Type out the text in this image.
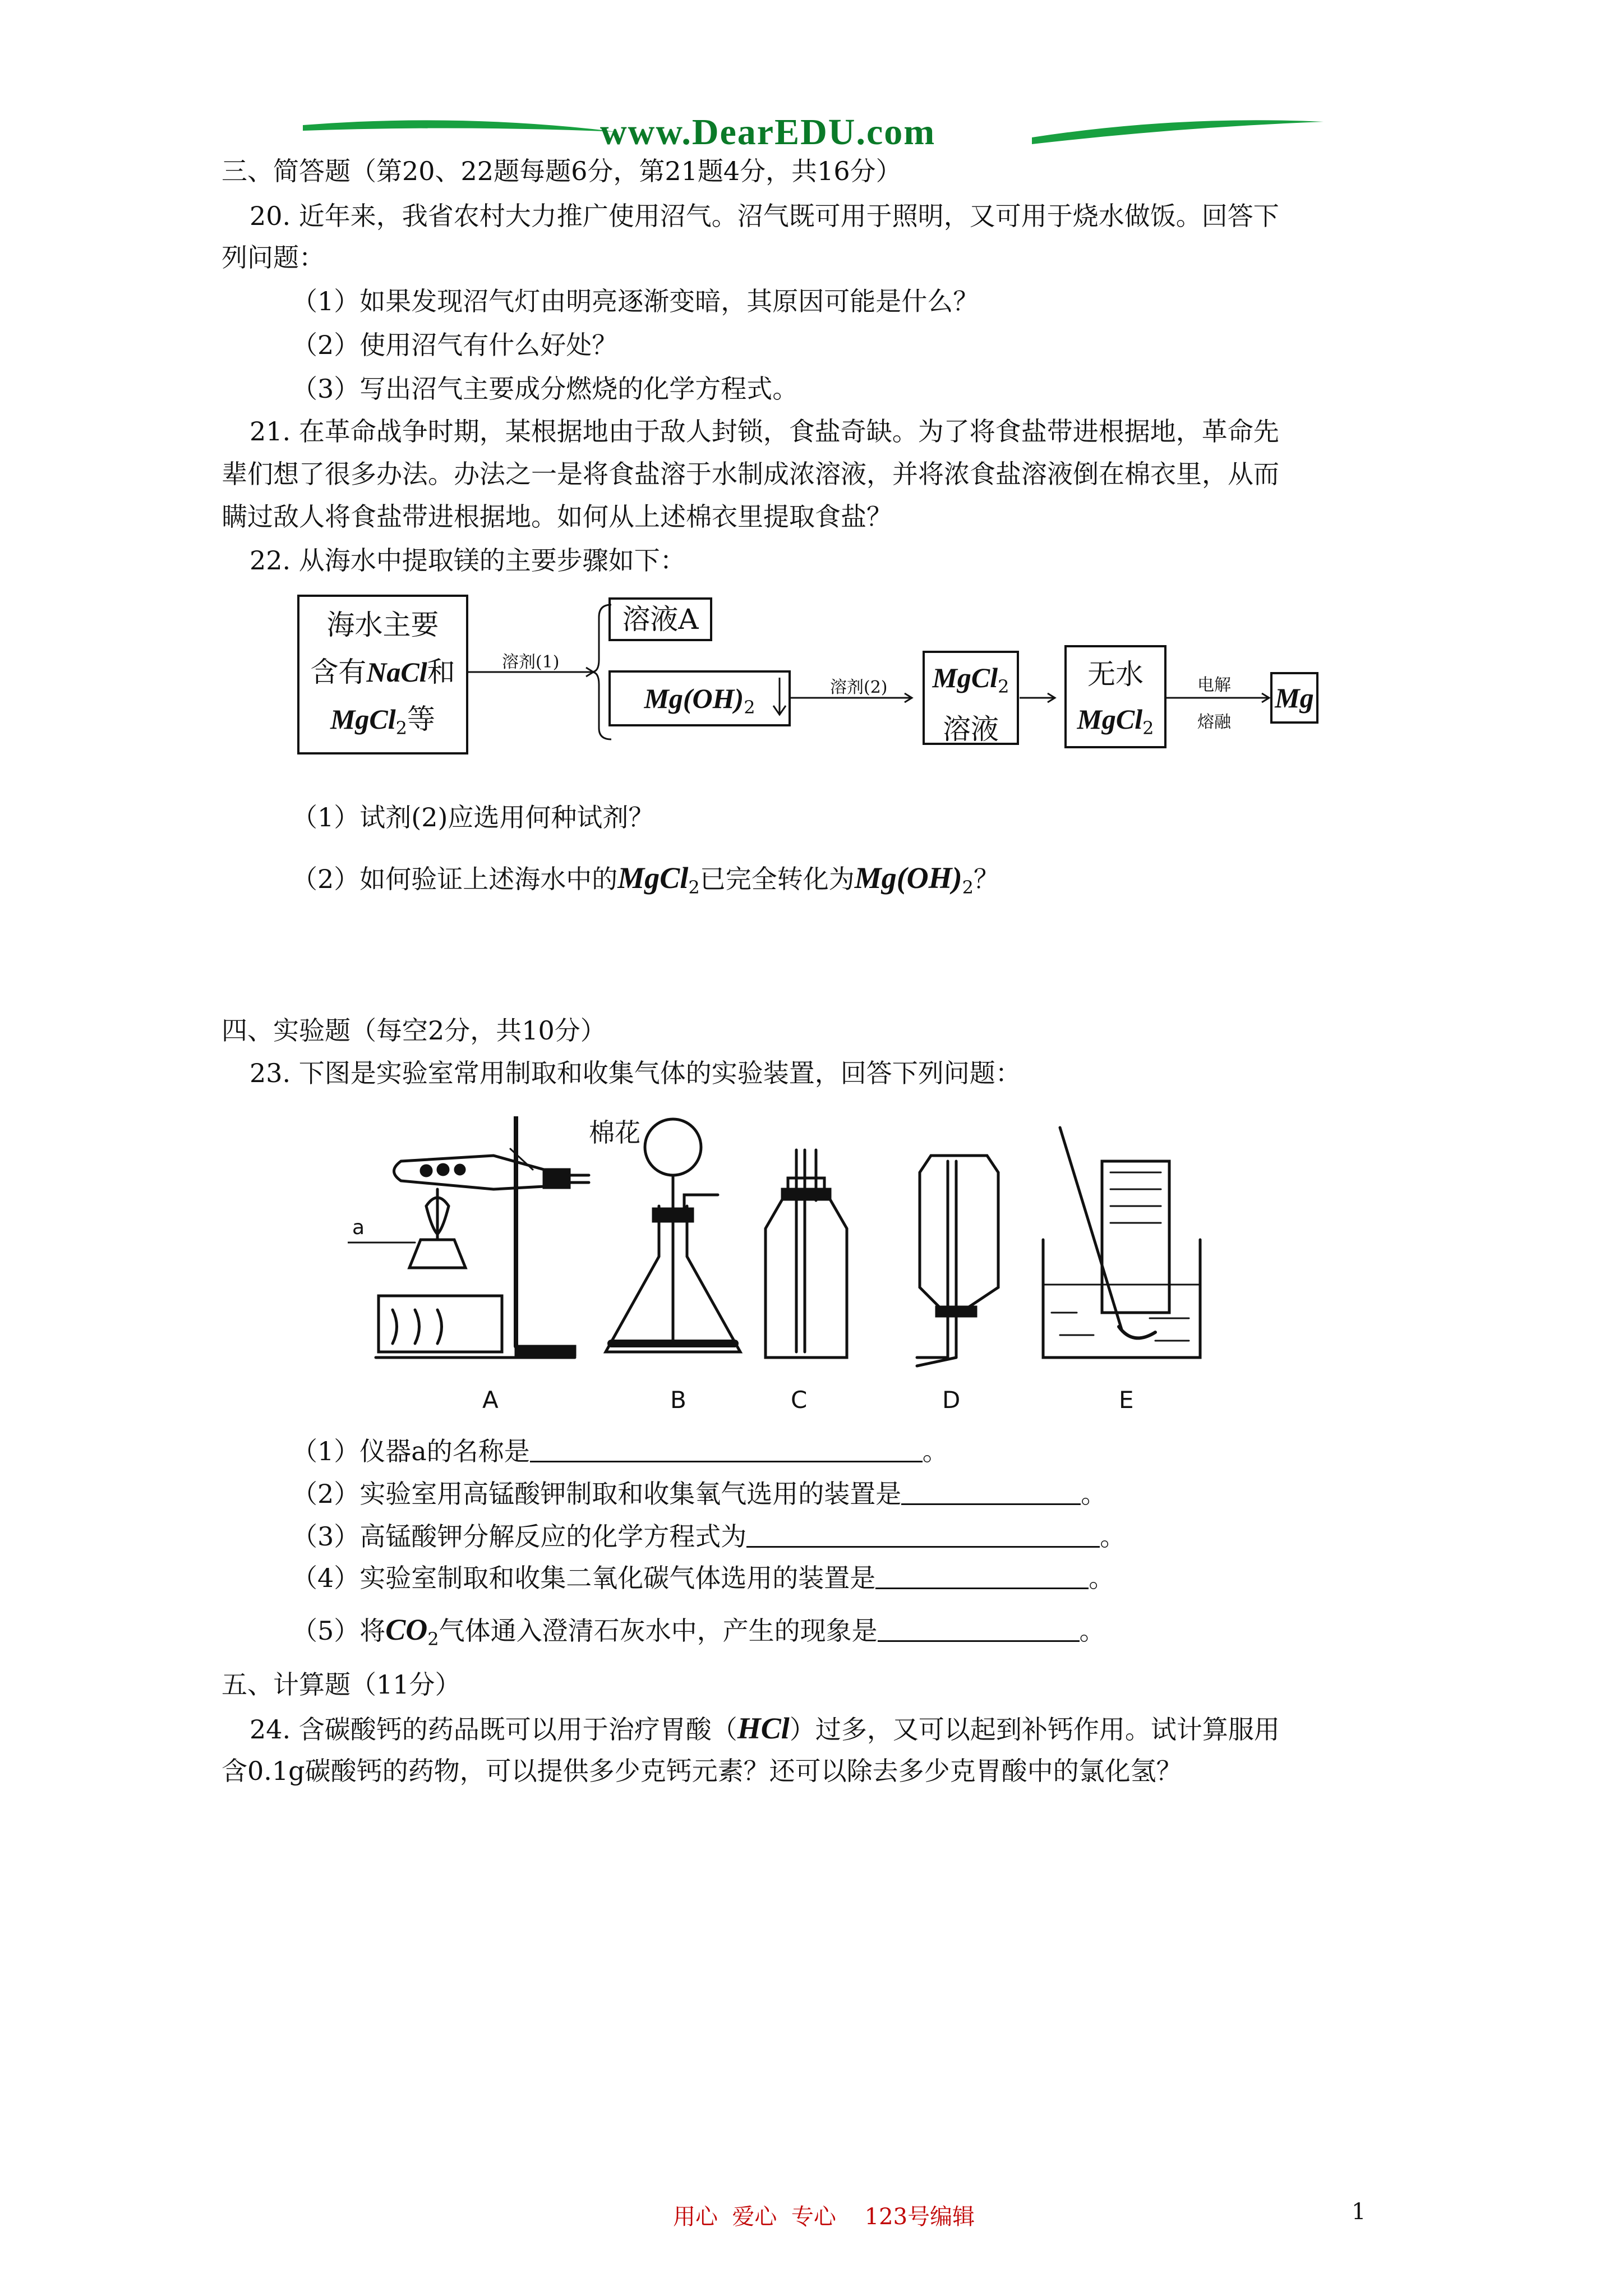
www.DearEDU.com
三、简答题（第20、22题每题6分，第21题4分，共16分）
20. 近年来，我省农村大力推广使用沼气。沼气既可用于照明，又可用于烧水做饭。回答下
列问题：
（1）如果发现沼气灯由明亮逐渐变暗，其原因可能是什么？
（2）使用沼气有什么好处？
（3）写出沼气主要成分燃烧的化学方程式。
21. 在革命战争时期，某根据地由于敌人封锁，食盐奇缺。为了将食盐带进根据地，革命先
辈们想了很多办法。办法之一是将食盐溶于水制成浓溶液，并将浓食盐溶液倒在棉衣里，从而
瞒过敌人将食盐带进根据地。如何从上述棉衣里提取食盐？
22. 从海水中提取镁的主要步骤如下：
海水主要
含有NaCl和
MgCl$_2$等
溶剂(1)
溶液A
$Mg(OH)_2$
溶剂(2) MgCl$_2$
溶液
无水
MgCl$_2$
电解
熔融
Mg
（1）试剂(2)应选用何种试剂？
（2）如何验证上述海水中的MgCl$_2$已完全转化为$Mg(OH)_2$？
四、实验题（每空2分，共10分）
23. 下图是实验室常用制取和收集气体的实验装置，回答下列问题：
棉花
a
A	B	C	D	E
（1）仪器a的名称是	。
（2）实验室用高锰酸钾制取和收集氧气选用的装置是	。
（3）高锰酸钾分解反应的化学方程式为	。
（4）实验室制取和收集二氧化碳气体选用的装置是	。
（5）将$CO_2$气体通入澄清石灰水中，产生的现象是	。
五、计算题（11分）
24. 含碳酸钙的药品既可以用于治疗胃酸（HCl）过多，又可以起到补钙作用。试计算服用
含0.1g碳酸钙的药物，可以提供多少克钙元素？还可以除去多少克胃酸中的氯化氢？
用心  爱心  专心    123号编辑	1
